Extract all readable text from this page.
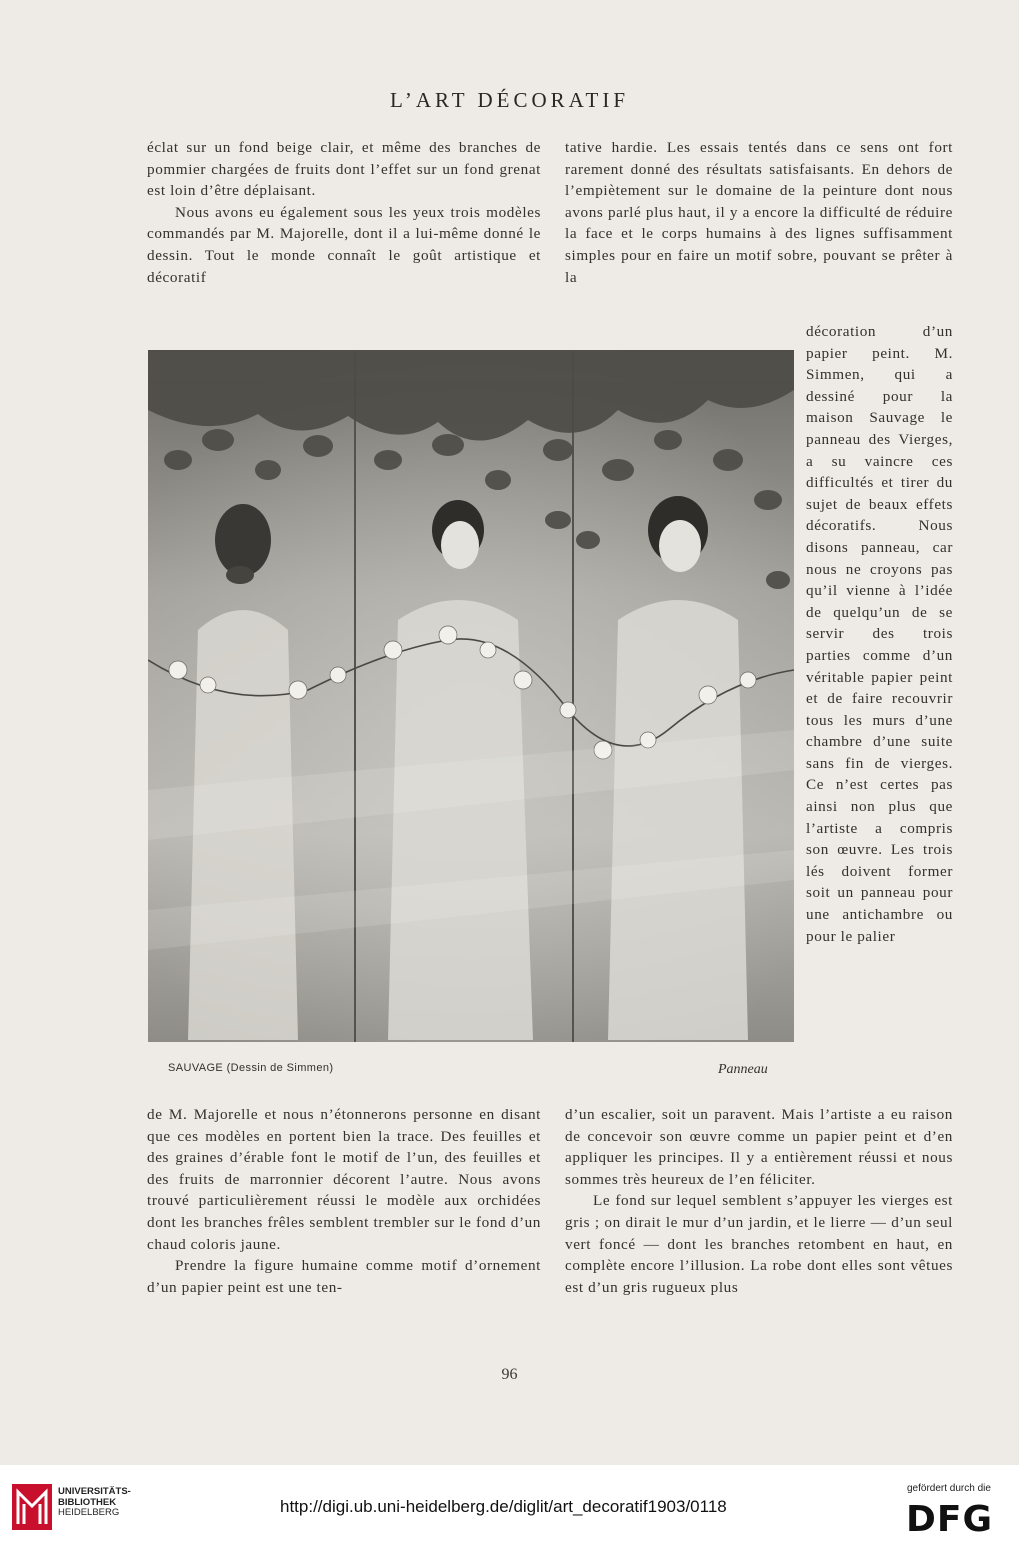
L’ART DÉCORATIF

éclat sur un fond beige clair, et même des branches de pommier chargées de fruits dont l’effet sur un fond grenat est loin d’être déplaisant.

Nous avons eu également sous les yeux trois modèles commandés par M. Majorelle, dont il a lui-même donné le dessin. Tout le monde connaît le goût artistique et décoratif

tative hardie. Les essais tentés dans ce sens ont fort rarement donné des résultats satisfaisants. En dehors de l’empiètement sur le domaine de la peinture dont nous avons parlé plus haut, il y a encore la difficulté de réduire la face et le corps humains à des lignes suffisamment simples pour en faire un motif sobre, pouvant se prêter à la

décoration d’un papier peint. M. Simmen, qui a dessiné pour la maison Sauvage le panneau des Vierges, a su vaincre ces difficultés et tirer du sujet de beaux effets décoratifs. Nous disons panneau, car nous ne croyons pas qu’il vienne à l’idée de quelqu’un de se servir des trois parties comme d’un véritable papier peint et de faire recouvrir tous les murs d’une chambre d’une suite sans fin de vierges. Ce n’est certes pas ainsi non plus que l’artiste a compris son œuvre. Les trois lés doivent former soit un panneau pour une antichambre ou pour le palier

SAUVAGE (Dessin de Simmen)	Panneau

de M. Majorelle et nous n’étonnerons personne en disant que ces modèles en portent bien la trace. Des feuilles et des graines d’érable font le motif de l’un, des feuilles et des fruits de marronnier décorent l’autre. Nous avons trouvé particulièrement réussi le modèle aux orchidées dont les branches frêles semblent trembler sur le fond d’un chaud coloris jaune.

Prendre la figure humaine comme motif d’ornement d’un papier peint est une ten-

d’un escalier, soit un paravent. Mais l’artiste a eu raison de concevoir son œuvre comme un papier peint et d’en appliquer les principes. Il y a entièrement réussi et nous sommes très heureux de l’en féliciter.

Le fond sur lequel semblent s’appuyer les vierges est gris ; on dirait le mur d’un jardin, et le lierre — d’un seul vert foncé — dont les branches retombent en haut, en complète encore l’illusion. La robe dont elles sont vêtues est d’un gris rugueux plus

96
UNIVERSITÄTS-
BIBLIOTHEK
HEIDELBERG	http://digi.ub.uni-heidelberg.de/diglit/art_decoratif1903/0118
gefördert durch die
DFG
